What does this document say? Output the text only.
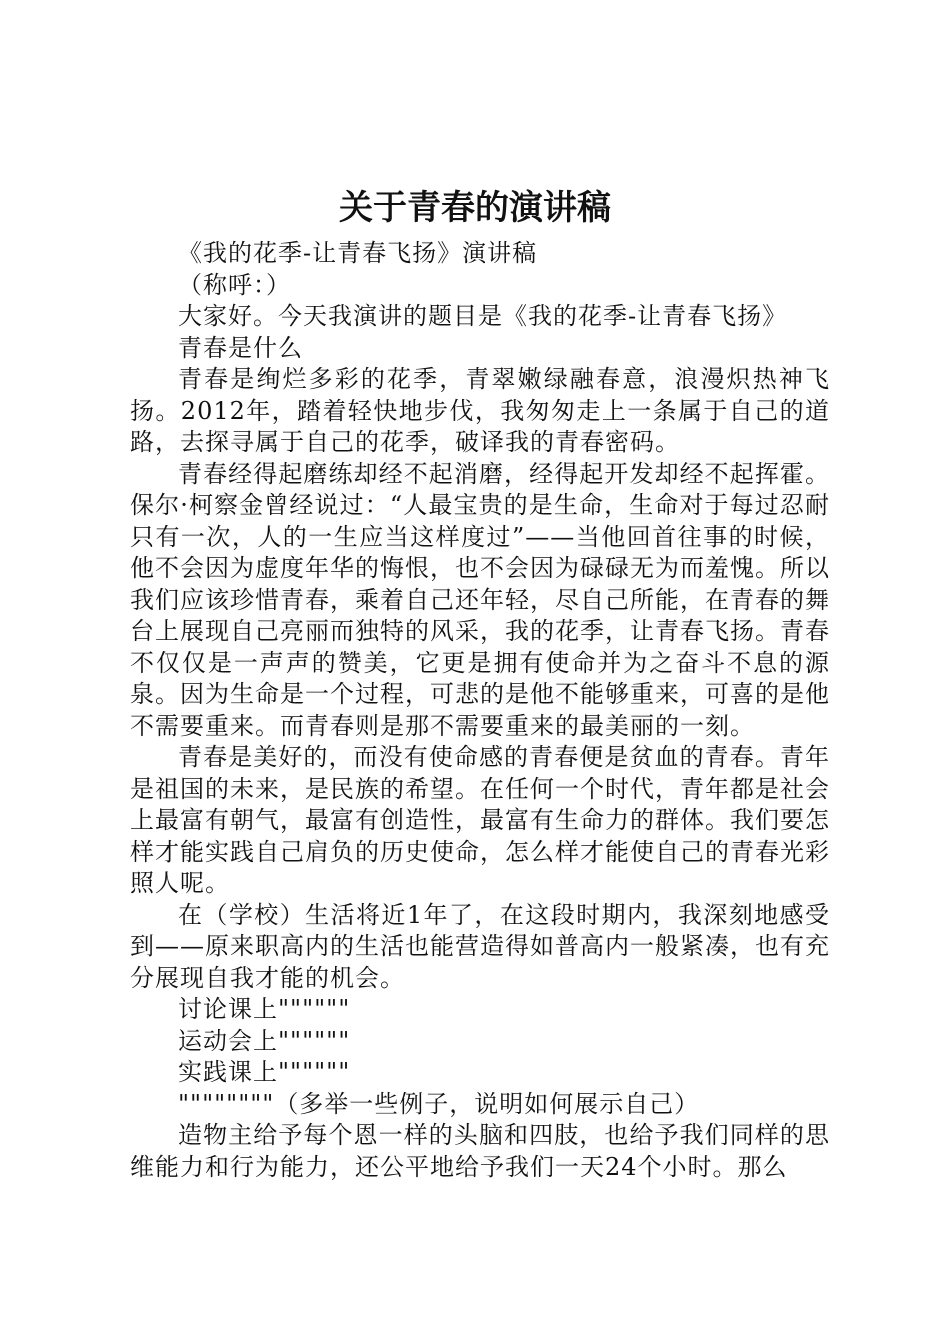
关于青春的演讲稿

《我的花季-让青春飞扬》演讲稿

（称呼：）

大家好。今天我演讲的题目是《我的花季-让青春飞扬》

青春是什么

青春是绚烂多彩的花季，青翠嫩绿融春意，浪漫炽热神飞扬。2012年，踏着轻快地步伐，我匆匆走上一条属于自己的道路，去探寻属于自己的花季，破译我的青春密码。

青春经得起磨练却经不起消磨，经得起开发却经不起挥霍。保尔·柯察金曾经说过：“人最宝贵的是生命，生命对于每过忍耐只有一次，人的一生应当这样度过”——当他回首往事的时候，他不会因为虚度年华的悔恨，也不会因为碌碌无为而羞愧。所以我们应该珍惜青春，乘着自己还年轻，尽自己所能，在青春的舞台上展现自己亮丽而独特的风采，我的花季，让青春飞扬。青春不仅仅是一声声的赞美，它更是拥有使命并为之奋斗不息的源泉。因为生命是一个过程，可悲的是他不能够重来，可喜的是他不需要重来。而青春则是那不需要重来的最美丽的一刻。

青春是美好的，而没有使命感的青春便是贫血的青春。青年是祖国的未来，是民族的希望。在任何一个时代，青年都是社会上最富有朝气，最富有创造性，最富有生命力的群体。我们要怎样才能实践自己肩负的历史使命，怎么样才能使自己的青春光彩照人呢。

在（学校）生活将近1年了，在这段时期内，我深刻地感受到——原来职高内的生活也能营造得如普高内一般紧凑，也有充分展现自我才能的机会。

讨论课上""""""

运动会上""""""

实践课上""""""

""""""""（多举一些例子，说明如何展示自己）

造物主给予每个恩一样的头脑和四肢，也给予我们同样的思维能力和行为能力，还公平地给予我们一天24个小时。那么
